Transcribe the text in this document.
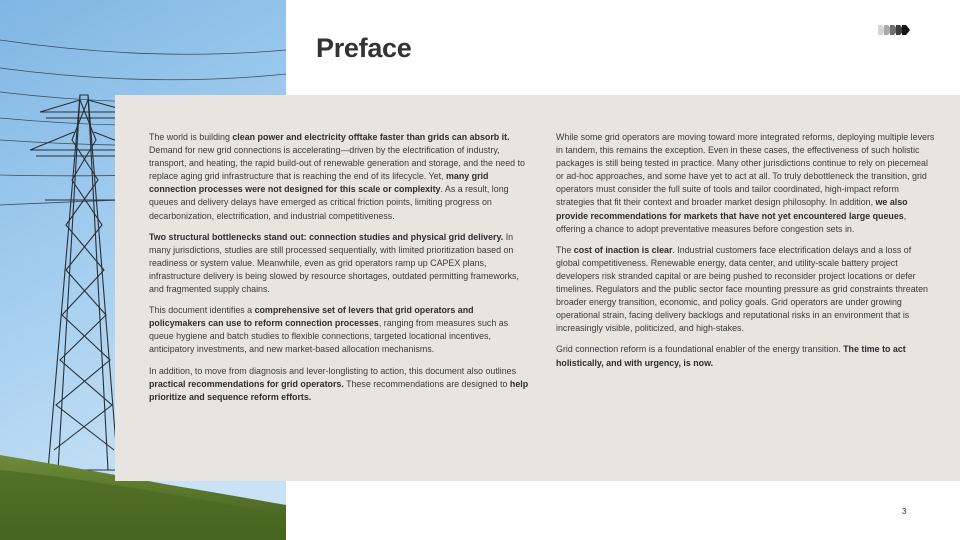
Preface

The world is building clean power and electricity offtake faster than grids can absorb it. Demand for new grid connections is accelerating—driven by the electrification of industry, transport, and heating, the rapid build-out of renewable generation and storage, and the need to replace aging grid infrastructure that is reaching the end of its lifecycle. Yet, many grid connection processes were not designed for this scale or complexity. As a result, long queues and delivery delays have emerged as critical friction points, limiting progress on decarbonization, electrification, and industrial competitiveness.

Two structural bottlenecks stand out: connection studies and physical grid delivery. In many jurisdictions, studies are still processed sequentially, with limited prioritization based on readiness or system value. Meanwhile, even as grid operators ramp up CAPEX plans, infrastructure delivery is being slowed by resource shortages, outdated permitting frameworks, and fragmented supply chains.

This document identifies a comprehensive set of levers that grid operators and policymakers can use to reform connection processes, ranging from measures such as queue hygiene and batch studies to flexible connections, targeted locational incentives, anticipatory investments, and new market-based allocation mechanisms.

In addition, to move from diagnosis and lever-longlisting to action, this document also outlines practical recommendations for grid operators. These recommendations are designed to help prioritize and sequence reform efforts.

While some grid operators are moving toward more integrated reforms, deploying multiple levers in tandem, this remains the exception. Even in these cases, the effectiveness of such holistic packages is still being tested in practice. Many other jurisdictions continue to rely on piecemeal or ad-hoc approaches, and some have yet to act at all. To truly debottleneck the transition, grid operators must consider the full suite of tools and tailor coordinated, high-impact reform strategies that fit their context and broader market design philosophy. In addition, we also provide recommendations for markets that have not yet encountered large queues, offering a chance to adopt preventative measures before congestion sets in.

The cost of inaction is clear. Industrial customers face electrification delays and a loss of global competitiveness. Renewable energy, data center, and utility-scale battery project developers risk stranded capital or are being pushed to reconsider project locations or defer timelines. Regulators and the public sector face mounting pressure as grid constraints threaten broader energy transition, economic, and policy goals. Grid operators are under growing operational strain, facing delivery backlogs and reputational risks in an environment that is increasingly visible, politicized, and high-stakes.

Grid connection reform is a foundational enabler of the energy transition. The time to act holistically, and with urgency, is now.

3
